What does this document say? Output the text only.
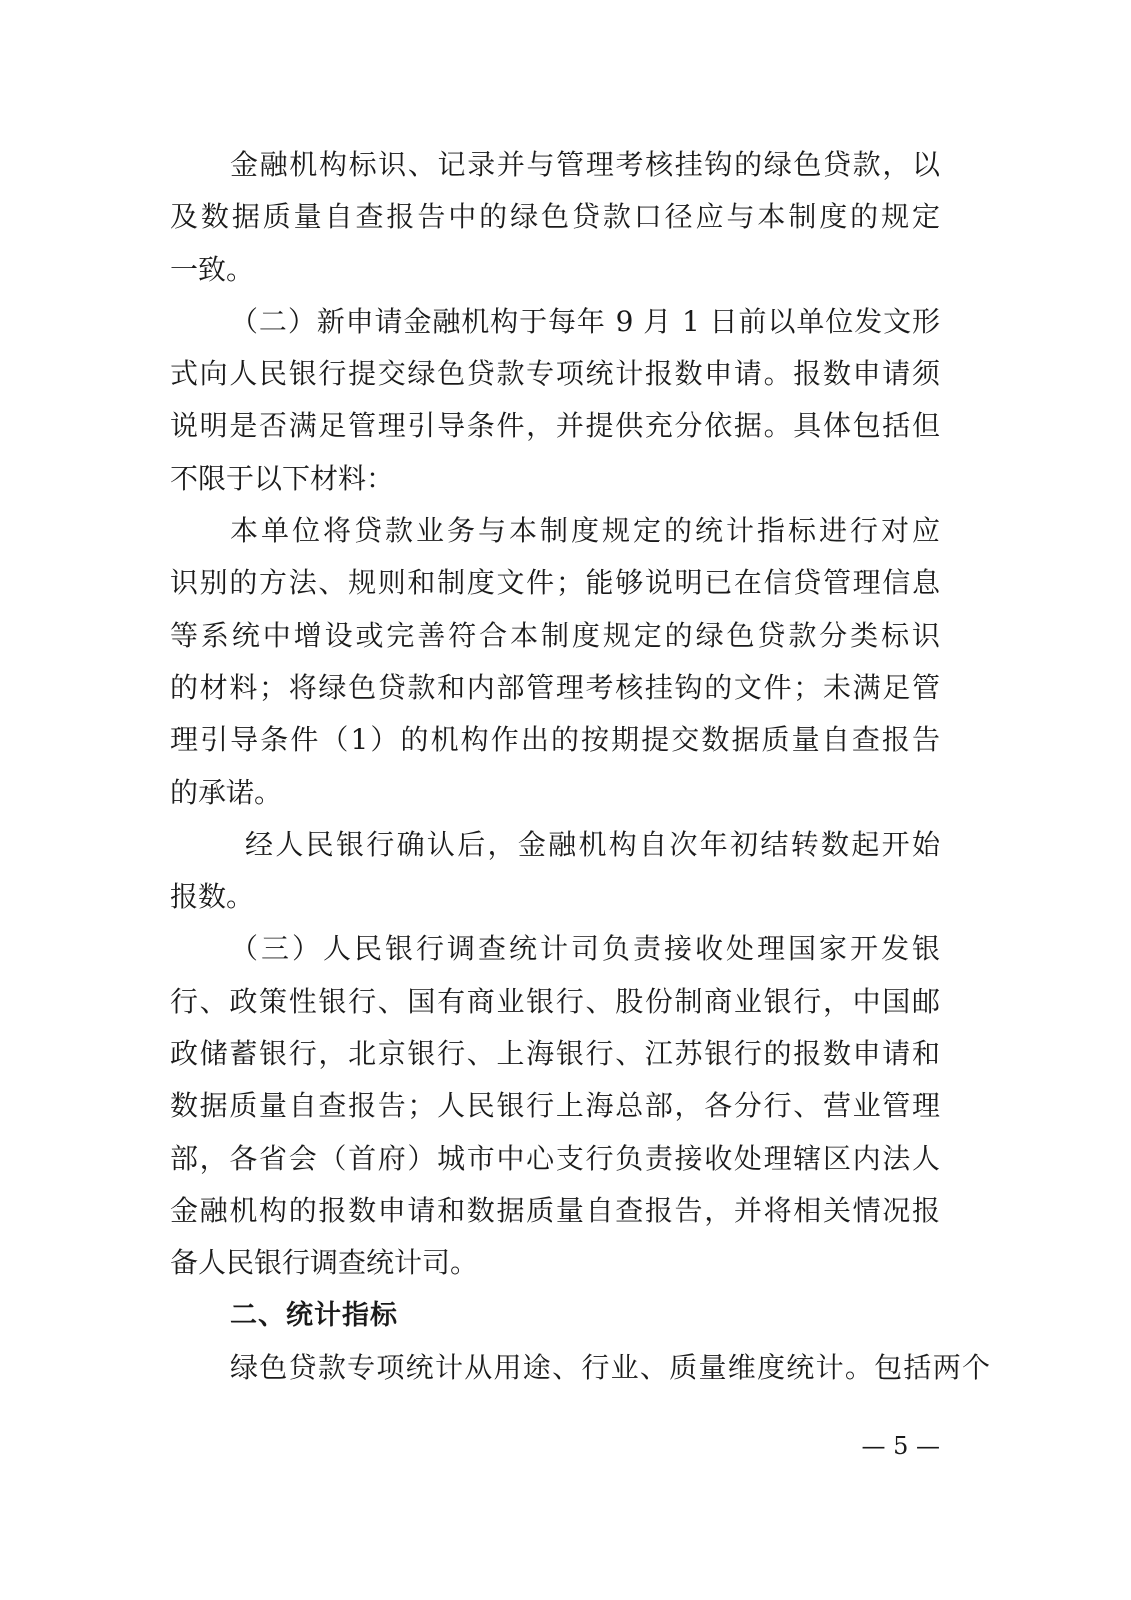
金融机构标识、记录并与管理考核挂钩的绿色贷款，以
及数据质量自查报告中的绿色贷款口径应与本制度的规定
一致。
（二）新申请金融机构于每年 9 月 1 日前以单位发文形
式向人民银行提交绿色贷款专项统计报数申请。报数申请须
说明是否满足管理引导条件，并提供充分依据。具体包括但
不限于以下材料：
本单位将贷款业务与本制度规定的统计指标进行对应
识别的方法、规则和制度文件；能够说明已在信贷管理信息
等系统中增设或完善符合本制度规定的绿色贷款分类标识
的材料；将绿色贷款和内部管理考核挂钩的文件；未满足管
理引导条件（1）的机构作出的按期提交数据质量自查报告
的承诺。
经人民银行确认后，金融机构自次年初结转数起开始
报数。
（三）人民银行调查统计司负责接收处理国家开发银
行、政策性银行、国有商业银行、股份制商业银行，中国邮
政储蓄银行，北京银行、上海银行、江苏银行的报数申请和
数据质量自查报告；人民银行上海总部，各分行、营业管理
部，各省会（首府）城市中心支行负责接收处理辖区内法人
金融机构的报数申请和数据质量自查报告，并将相关情况报
备人民银行调查统计司。
二、统计指标
绿色贷款专项统计从用途、行业、质量维度统计。包括两个
— 5 —
